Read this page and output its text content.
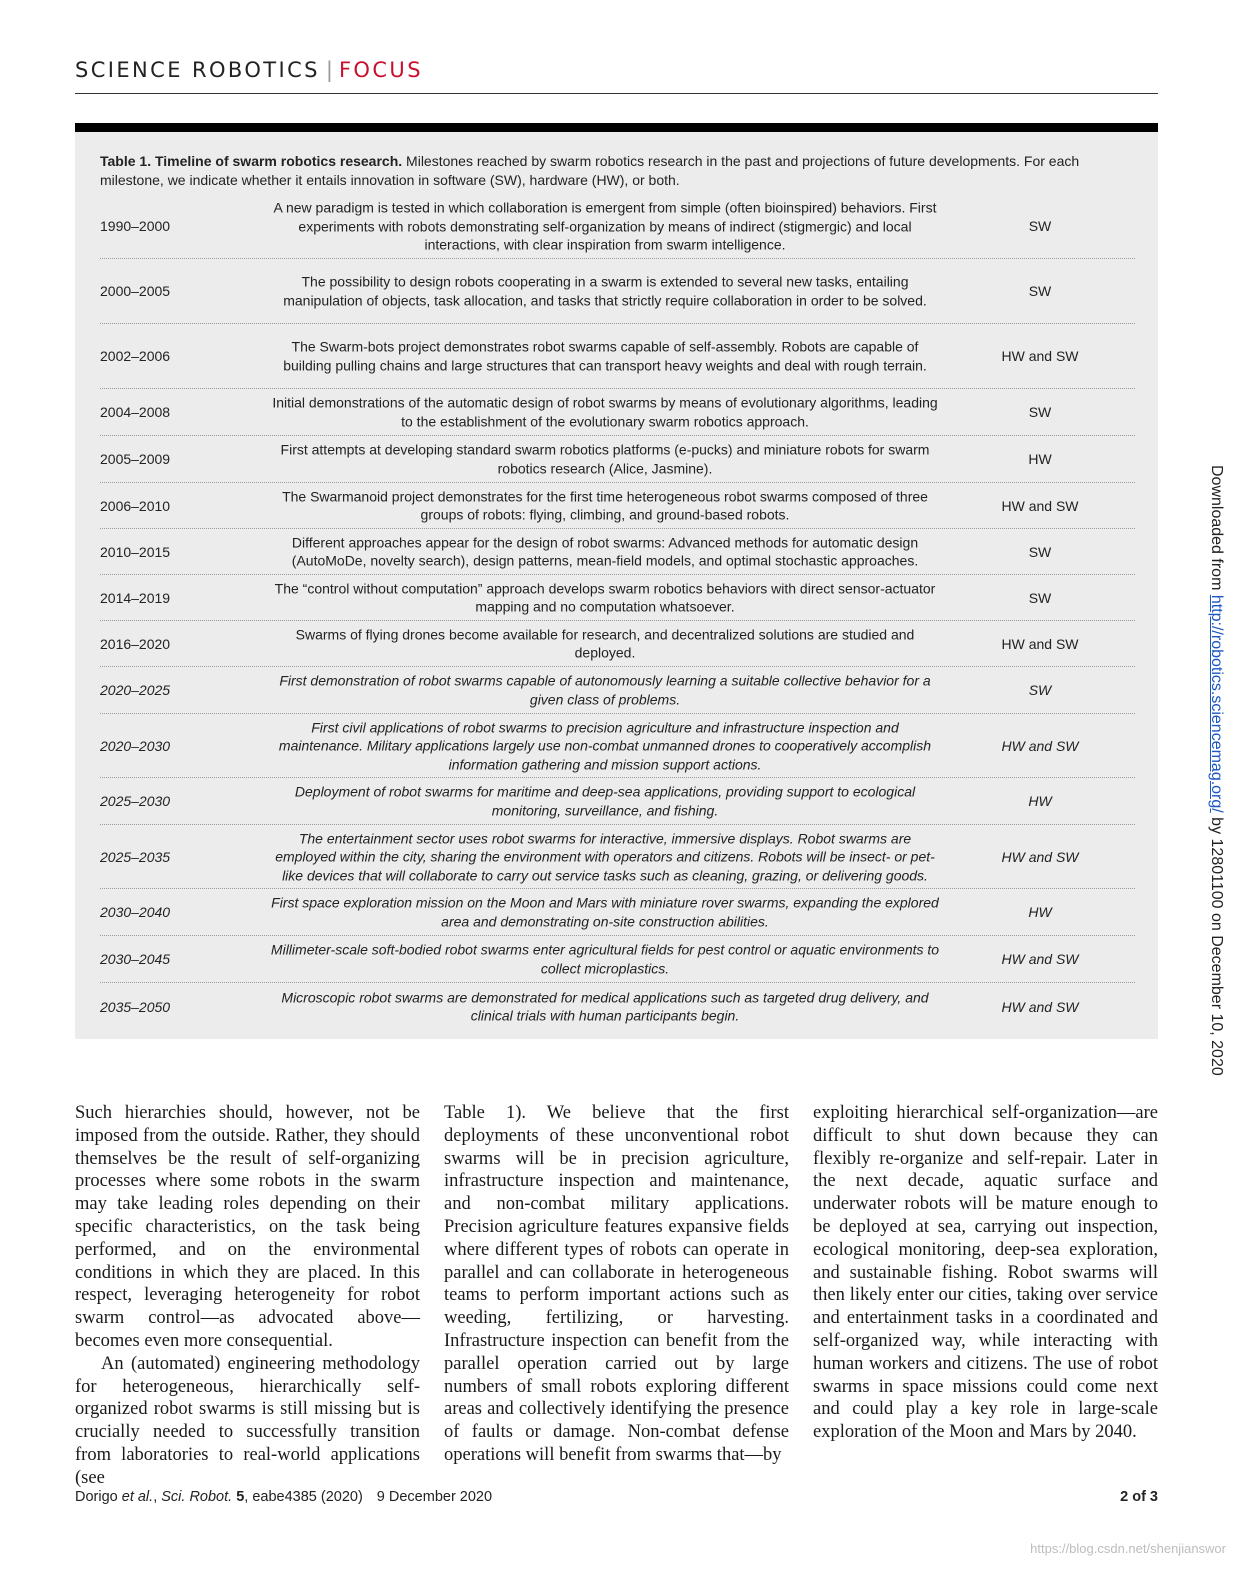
SCIENCE ROBOTICS | FOCUS
Table 1. Timeline of swarm robotics research. Milestones reached by swarm robotics research in the past and projections of future developments. For each milestone, we indicate whether it entails innovation in software (SW), hardware (HW), or both.
1990–2000
A new paradigm is tested in which collaboration is emergent from simple (often bioinspired) behaviors. First experiments with robots demonstrating self-organization by means of indirect (stigmergic) and local interactions, with clear inspiration from swarm intelligence.
SW
2000–2005
The possibility to design robots cooperating in a swarm is extended to several new tasks, entailing manipulation of objects, task allocation, and tasks that strictly require collaboration in order to be solved.
SW
2002–2006
The Swarm-bots project demonstrates robot swarms capable of self-assembly. Robots are capable of building pulling chains and large structures that can transport heavy weights and deal with rough terrain.
HW and SW
2004–2008
Initial demonstrations of the automatic design of robot swarms by means of evolutionary algorithms, leading to the establishment of the evolutionary swarm robotics approach.
SW
2005–2009
First attempts at developing standard swarm robotics platforms (e-pucks) and miniature robots for swarm robotics research (Alice, Jasmine).
HW
2006–2010
The Swarmanoid project demonstrates for the first time heterogeneous robot swarms composed of three groups of robots: flying, climbing, and ground-based robots.
HW and SW
2010–2015
Different approaches appear for the design of robot swarms: Advanced methods for automatic design (AutoMoDe, novelty search), design patterns, mean-field models, and optimal stochastic approaches.
SW
2014–2019
The “control without computation” approach develops swarm robotics behaviors with direct sensor-actuator mapping and no computation whatsoever.
SW
2016–2020
Swarms of flying drones become available for research, and decentralized solutions are studied and deployed.
HW and SW
2020–2025
First demonstration of robot swarms capable of autonomously learning a suitable collective behavior for a given class of problems.
SW
2020–2030
First civil applications of robot swarms to precision agriculture and infrastructure inspection and maintenance. Military applications largely use non-combat unmanned drones to cooperatively accomplish information gathering and mission support actions.
HW and SW
2025–2030
Deployment of robot swarms for maritime and deep-sea applications, providing support to ecological monitoring, surveillance, and fishing.
HW
2025–2035
The entertainment sector uses robot swarms for interactive, immersive displays. Robot swarms are employed within the city, sharing the environment with operators and citizens. Robots will be insect- or pet-like devices that will collaborate to carry out service tasks such as cleaning, grazing, or delivering goods.
HW and SW
2030–2040
First space exploration mission on the Moon and Mars with miniature rover swarms, expanding the explored area and demonstrating on-site construction abilities.
HW
2030–2045
Millimeter-scale soft-bodied robot swarms enter agricultural fields for pest control or aquatic environments to collect microplastics.
HW and SW
2035–2050
Microscopic robot swarms are demonstrated for medical applications such as targeted drug delivery, and clinical trials with human participants begin.
HW and SW

Such hierarchies should, however, not be imposed from the outside. Rather, they should themselves be the result of self-organizing processes where some robots in the swarm may take leading roles depending on their specific characteristics, on the task being performed, and on the environmental conditions in which they are placed. In this respect, leveraging heterogeneity for robot swarm control—as advocated above—becomes even more consequential.

An (automated) engineering methodology for heterogeneous, hierarchically self-organized robot swarms is still missing but is crucially needed to successfully transition from laboratories to real-world applications (see

Table 1). We believe that the first deployments of these unconventional robot swarms will be in precision agriculture, infrastructure inspection and maintenance, and non-combat military applications. Precision agriculture features expansive fields where different types of robots can operate in parallel and can collaborate in heterogeneous teams to perform important actions such as weeding, fertilizing, or harvesting. Infrastructure inspection can benefit from the parallel operation carried out by large numbers of small robots exploring different areas and collectively identifying the presence of faults or damage. Non-combat defense operations will benefit from swarms that—by

exploiting hierarchical self-organization—are difficult to shut down because they can flexibly re-organize and self-repair. Later in the next decade, aquatic surface and underwater robots will be mature enough to be deployed at sea, carrying out inspection, ecological monitoring, deep-sea exploration, and sustainable fishing. Robot swarms will then likely enter our cities, taking over service and entertainment tasks in a coordinated and self-organized way, while interacting with human workers and citizens. The use of robot swarms in space missions could come next and could play a key role in large-scale exploration of the Moon and Mars by 2040.

Dorigo et al., Sci. Robot. 5, eabe4385 (2020) 9 December 2020	2 of 3
Downloaded from http://robotics.sciencemag.org/ by 12801100 on December 10, 2020
https://blog.csdn.net/shenjianswor
